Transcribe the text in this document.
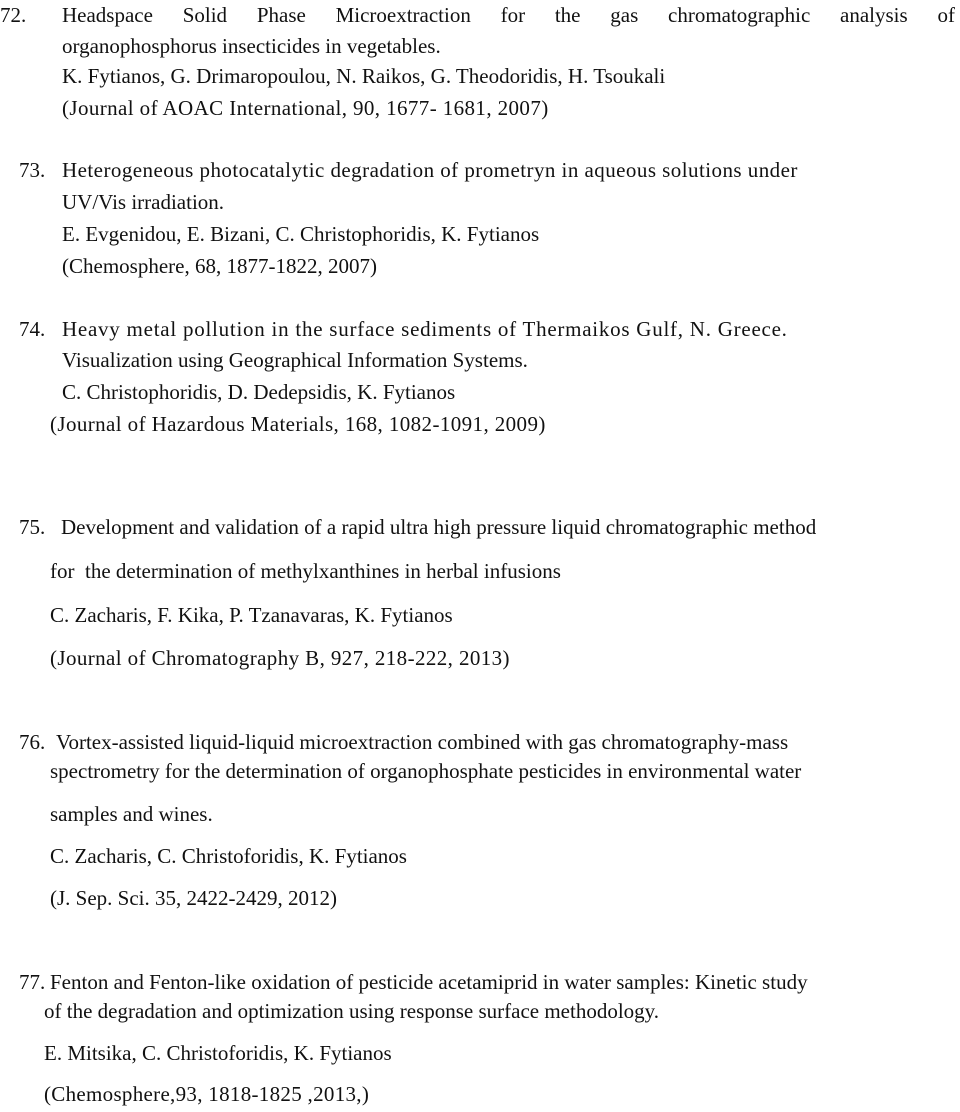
72. Headspace Solid Phase Microextraction for the gas chromatographic analysis of
organophosphorus insecticides in vegetables.
K. Fytianos, G. Drimaropoulou, N. Raikos, G. Theodoridis, H. Tsoukali
(Journal of AOAC International, 90, 1677- 1681, 2007)
73. Heterogeneous photocatalytic degradation of prometryn in aqueous solutions under
UV/Vis irradiation.
E. Evgenidou, E. Bizani, C. Christophoridis, K. Fytianos
(Chemosphere, 68, 1877-1822, 2007)
74. Heavy metal pollution in the surface sediments of Thermaikos Gulf, N. Greece.
Visualization using Geographical Information Systems.
C. Christophoridis, D. Dedepsidis, K. Fytianos
(Journal of Hazardous Materials, 168, 1082-1091, 2009)
75. Development and validation of a rapid ultra high pressure liquid chromatographic method
for  the determination of methylxanthines in herbal infusions
C. Zacharis, F. Kika, P. Tzanavaras, K. Fytianos
(Journal of Chromatography B, 927, 218-222, 2013)
76. Vortex-assisted liquid-liquid microextraction combined with gas chromatography-mass
spectrometry for the determination of organophosphate pesticides in environmental water
samples and wines.
C. Zacharis, C. Christoforidis, K. Fytianos
(J. Sep. Sci. 35, 2422-2429, 2012)
77. Fenton and Fenton-like oxidation of pesticide acetamiprid in water samples: Kinetic study
of the degradation and optimization using response surface methodology.
E. Mitsika, C. Christoforidis, K. Fytianos
(Chemosphere,93, 1818-1825 ,2013,)
